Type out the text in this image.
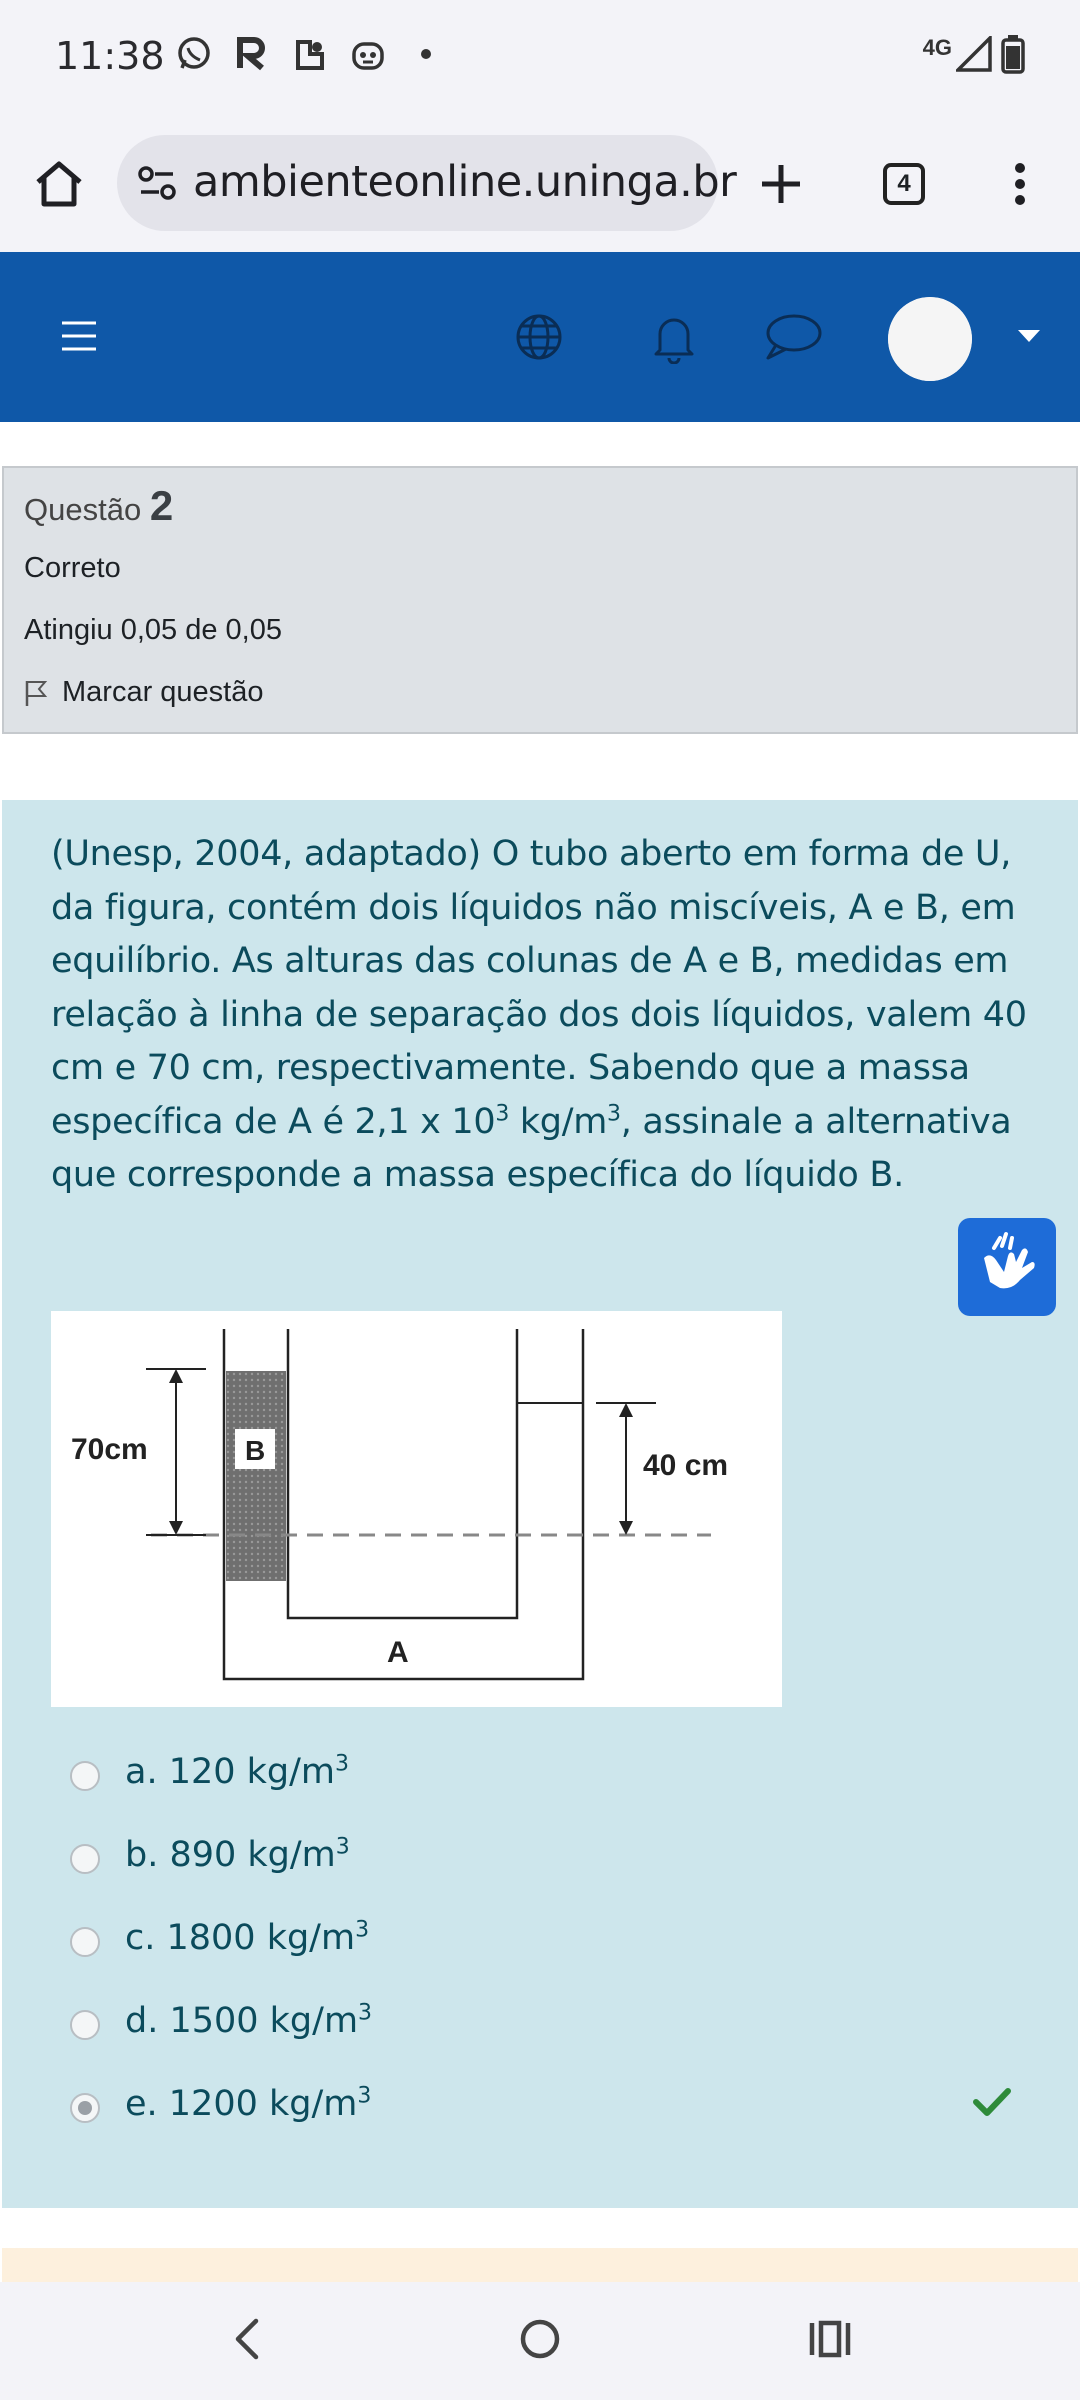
11:38	4G
ambienteonline.uninga.br	4
Questão 2
Correto
Atingiu 0,05 de 0,05
Marcar questão
(Unesp, 2004, adaptado) O tubo aberto em forma de U, da figura, contém dois líquidos não miscíveis, A e B, em equilíbrio. As alturas das colunas de A e B, medidas em relação à linha de separação dos dois líquidos, valem 40 cm e 70 cm, respectivamente. Sabendo que a massa específica de A é 2,1 x $10^3$ $kg/m^3$, assinale a alternativa que corresponde a massa específica do líquido B.
70cm	B	40 cm
A
a. 120 $kg/m^3$
b. 890 $kg/m^3$
c. 1800 $kg/m^3$
d. 1500 $kg/m^3$
e. 1200 $kg/m^3$
